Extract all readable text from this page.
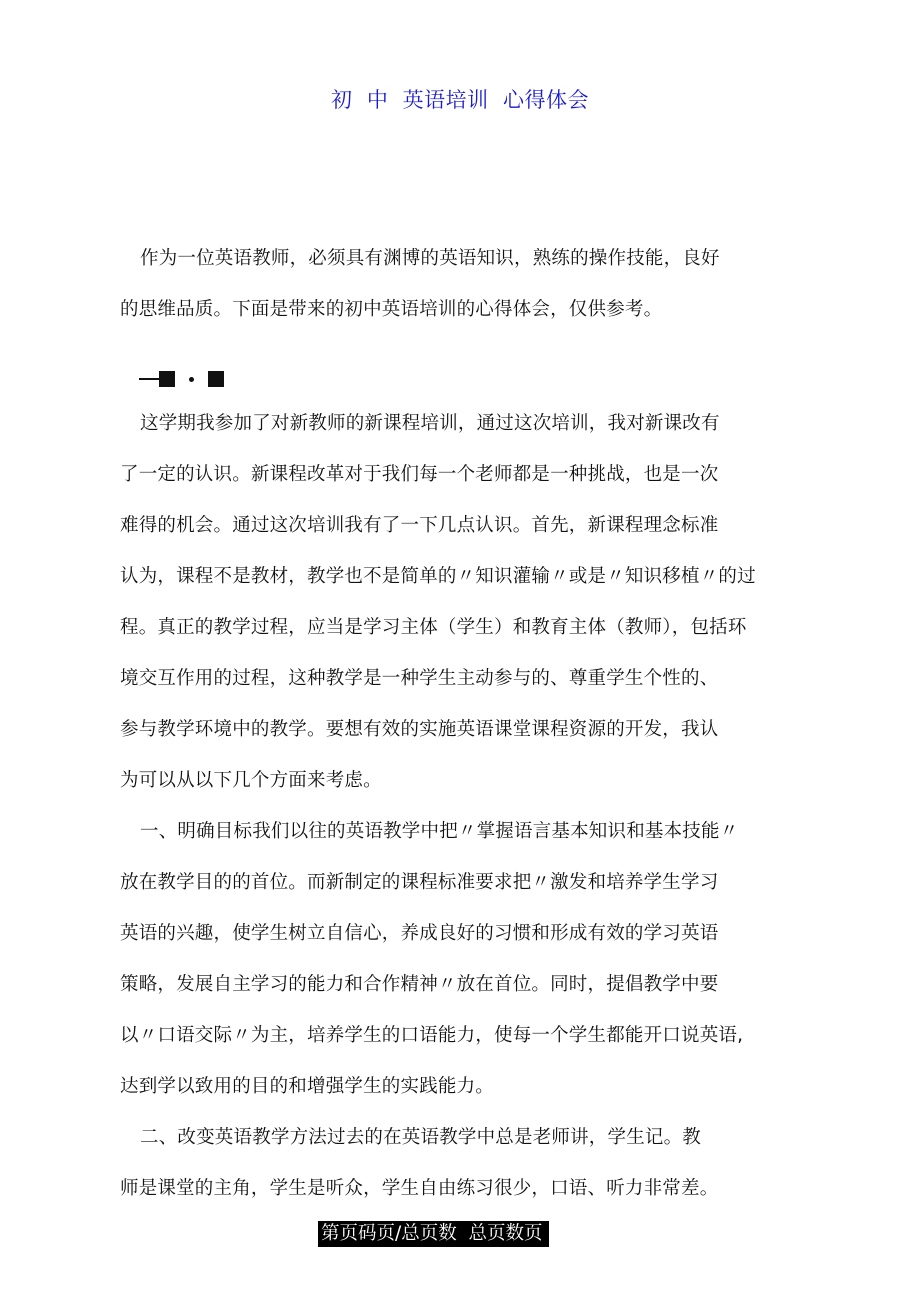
初  中  英语培训  心得体会
作为一位英语教师，必须具有渊博的英语知识，熟练的操作技能，良好
的思维品质。下面是带来的初中英语培训的心得体会，仅供参考。
这学期我参加了对新教师的新课程培训，通过这次培训，我对新课改有
了一定的认识。新课程改革对于我们每一个老师都是一种挑战，也是一次
难得的机会。通过这次培训我有了一下几点认识。首先，新课程理念标准
认为，课程不是教材，教学也不是简单的〃知识灌输〃或是〃知识移植〃的过
程。真正的教学过程，应当是学习主体（学生）和教育主体（教师），包括环
境交互作用的过程，这种教学是一种学生主动参与的、尊重学生个性的、
参与教学环境中的教学。要想有效的实施英语课堂课程资源的开发，我认
为可以从以下几个方面来考虑。
一、明确目标我们以往的英语教学中把〃掌握语言基本知识和基本技能〃
放在教学目的的首位。而新制定的课程标准要求把〃激发和培养学生学习
英语的兴趣，使学生树立自信心，养成良好的习惯和形成有效的学习英语
策略，发展自主学习的能力和合作精神〃放在首位。同时，提倡教学中要
以〃口语交际〃为主，培养学生的口语能力，使每一个学生都能开口说英语,
达到学以致用的目的和增强学生的实践能力。
二、改变英语教学方法过去的在英语教学中总是老师讲，学生记。教
师是课堂的主角，学生是听众，学生自由练习很少，口语、听力非常差。
第页码页/总页数  总页数页
